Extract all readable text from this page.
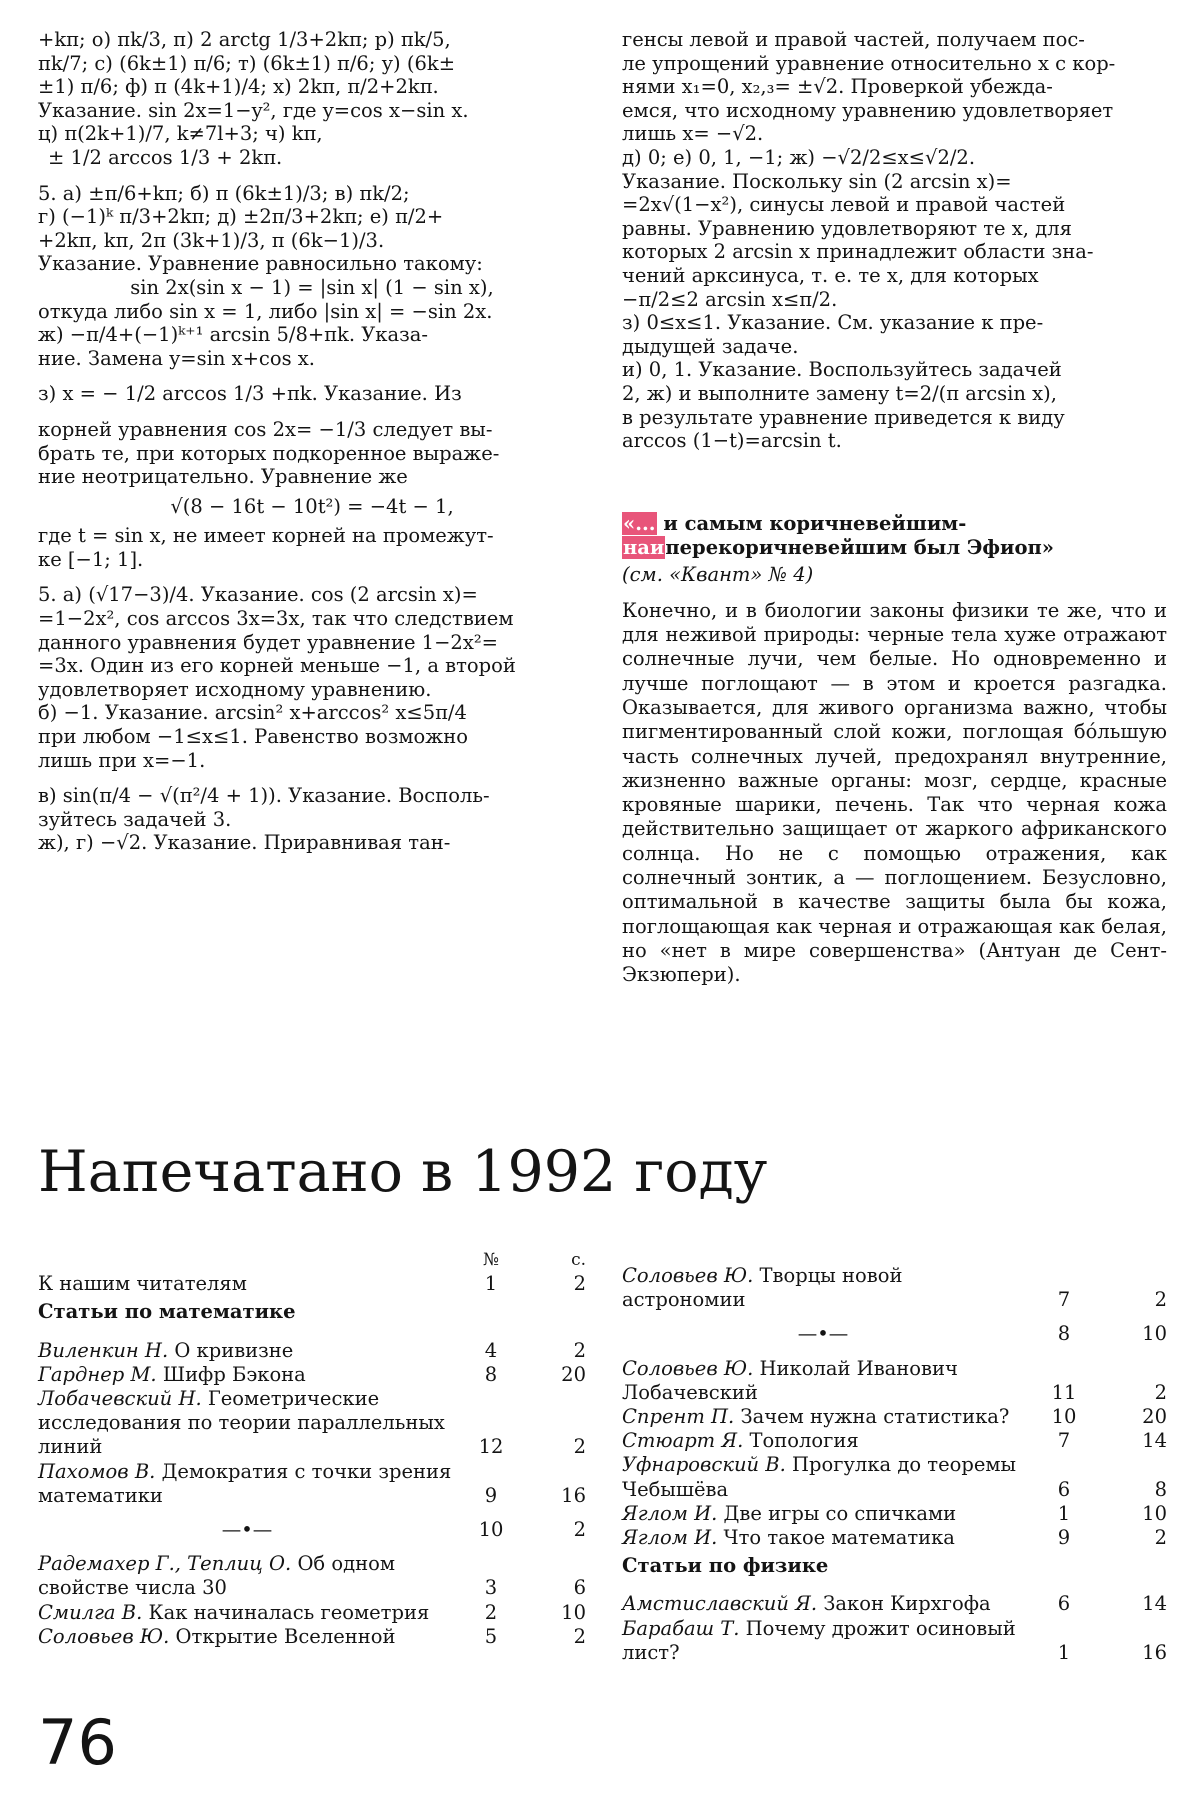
+kπ; о) πk/3, п) 2 arctg 1/3+2kπ; р) πk/5,

πk/7; с) (6k±1) π/6; т) (6k±1) π/6; у) (6k±

±1) π/6; ф) π (4k+1)/4; х) 2kπ, π/2+2kπ.

Указание. sin 2x=1−y², где y=cos x−sin x.

ц) π(2k+1)/7, k≠7l+3; ч) kπ,

± 1/2 arccos 1/3 + 2kπ.

5. а) ±π/6+kπ; б) π (6k±1)/3; в) πk/2;

г) (−1)ᵏ π/3+2kπ; д) ±2π/3+2kπ; е) π/2+

+2kπ, kπ, 2π (3k+1)/3, π (6k−1)/3.

Указание. Уравнение равносильно такому:

sin 2x(sin x − 1) = |sin x| (1 − sin x),

откуда либо sin x = 1, либо |sin x| = −sin 2x.

ж) −π/4+(−1)ᵏ⁺¹ arcsin 5/8+πk. Указа-

ние. Замена y=sin x+cos x.

з) x = − 1/2 arccos 1/3 +πk. Указание. Из

корней уравнения cos 2x= −1/3 следует вы-

брать те, при которых подкоренное выраже-

ние неотрицательно. Уравнение же

√(8 − 16t − 10t²) = −4t − 1,

где t = sin x, не имеет корней на промежут-

ке [−1; 1].

5. а) (√17−3)/4. Указание. cos (2 arcsin x)=

=1−2x², cos arccos 3x=3x, так что следствием

данного уравнения будет уравнение 1−2x²=

=3x. Один из его корней меньше −1, а второй

удовлетворяет исходному уравнению.

б) −1. Указание. arcsin² x+arccos² x≤5π/4

при любом −1≤x≤1. Равенство возможно

лишь при x=−1.

в) sin(π/4 − √(π²/4 + 1)). Указание. Восполь-

зуйтесь задачей 3.

ж), г) −√2. Указание. Приравнивая тан-

генсы левой и правой частей, получаем пос-

ле упрощений уравнение относительно x с кор-

нями x₁=0, x₂,₃= ±√2. Проверкой убежда-

емся, что исходному уравнению удовлетворяет

лишь x= −√2.

д) 0; е) 0, 1, −1; ж) −√2/2≤x≤√2/2.

Указание. Поскольку sin (2 arcsin x)=

=2x√(1−x²), синусы левой и правой частей

равны. Уравнению удовлетворяют те x, для

которых 2 arcsin x принадлежит области зна-

чений арксинуса, т. е. те x, для которых

−π/2≤2 arcsin x≤π/2.

з) 0≤x≤1. Указание. См. указание к пре-

дыдущей задаче.

и) 0, 1. Указание. Воспользуйтесь задачей

2, ж) и выполните замену t=2/(π arcsin x),

в результате уравнение приведется к виду

arccos (1−t)=arcsin t.

«... и самым коричневейшим-

наиперекоричневейшим был Эфиоп»

(см. «Квант» № 4)

Конечно, и в биологии законы физики те же, что и для неживой природы: черные тела хуже отражают солнечные лучи, чем белые. Но одновременно и лучше поглощают — в этом и кроется разгадка. Оказывается, для живого организма важно, чтобы пигментированный слой кожи, поглощая бóльшую часть солнечных лучей, предохранял внутренние, жизненно важные органы: мозг, сердце, красные кровяные шарики, печень. Так что черная кожа действительно защищает от жаркого африканского солнца. Но не с помощью отражения, как солнечный зонтик, а — поглощением. Безусловно, оптимальной в качестве защиты была бы кожа, поглощающая как черная и отражающая как белая, но «нет в мире совершенства» (Антуан де Сент-Экзюпери).

Напечатано в 1992 году
№	с.
К нашим читателям	1	2
Статьи по математике
Виленкин Н. О кривизне	4	2
Гарднер М. Шифр Бэкона	8	20
Лобачевский Н. Геометрические исследования по теории параллельных линий	12	2
Пахомов В. Демократия с точки зрения математики	9	16
—•—	10	2
Радемахер Г., Теплиц О. Об одном свойстве числа 30	3	6
Смилга В. Как начиналась геометрия	2	10
Соловьев Ю. Открытие Вселенной	5	2
Соловьев Ю. Творцы новой астрономии	7	2
—•—	8	10
Соловьев Ю. Николай Иванович Лобачевский	11	2
Спрент П. Зачем нужна статистика?	10	20
Стюарт Я. Топология	7	14
Уфнаровский В. Прогулка до теоремы Чебышёва	6	8
Яглом И. Две игры со спичками	1	10
Яглом И. Что такое математика	9	2
Статьи по физике
Амстиславский Я. Закон Кирхгофа	6	14
Барабаш Т. Почему дрожит осиновый лист?	1	16
76
